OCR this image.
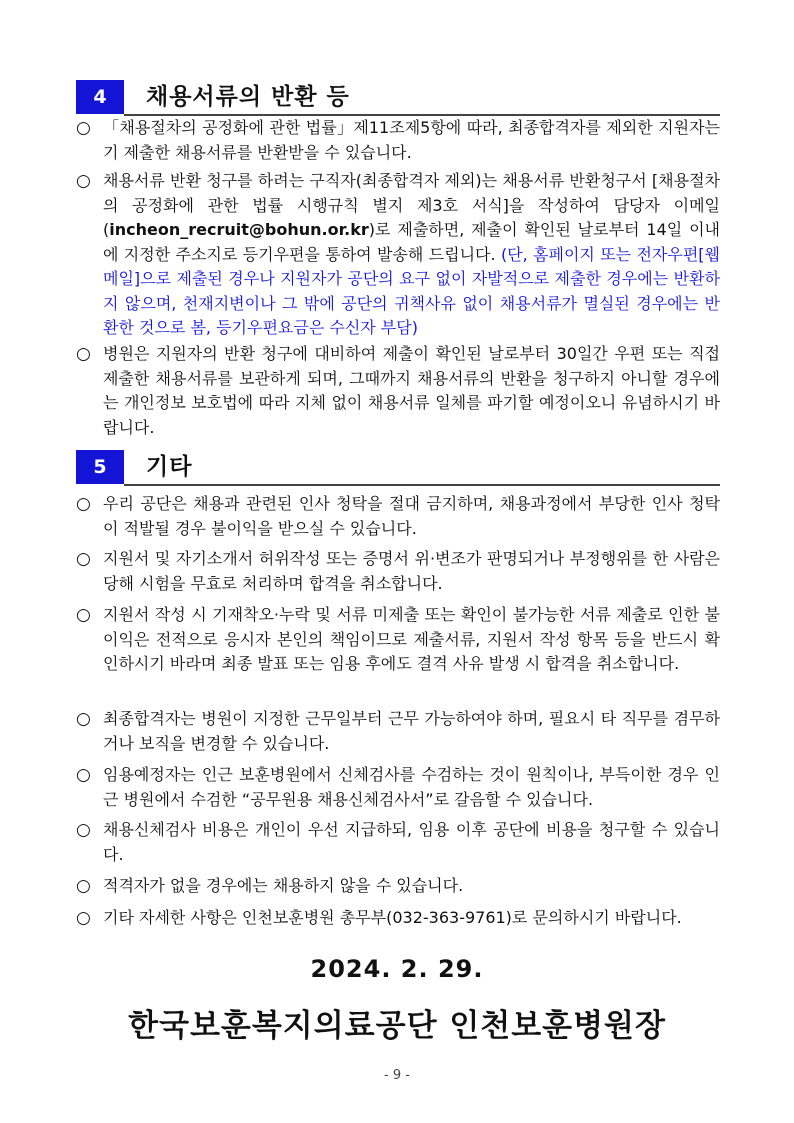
4	채용서류의 반환 등
○ 「채용절차의 공정화에 관한 법률」제11조제5항에 따라, 최종합격자를 제외한 지원자는 기 제출한 채용서류를 반환받을 수 있습니다.
○ 채용서류 반환 청구를 하려는 구직자(최종합격자 제외)는 채용서류 반환청구서 [채용절차의 공정화에 관한 법률 시행규칙 별지 제3호 서식]을 작성하여 담당자 이메일(incheon_recruit@bohun.or.kr)로 제출하면, 제출이 확인된 날로부터 14일 이내에 지정한 주소지로 등기우편을 통하여 발송해 드립니다. (단, 홈페이지 또는 전자우편[웹메일]으로 제출된 경우나 지원자가 공단의 요구 없이 자발적으로 제출한 경우에는 반환하지 않으며, 천재지변이나 그 밖에 공단의 귀책사유 없이 채용서류가 멸실된 경우에는 반환한 것으로 봄, 등기우편요금은 수신자 부담)
○ 병원은 지원자의 반환 청구에 대비하여 제출이 확인된 날로부터 30일간 우편 또는 직접 제출한 채용서류를 보관하게 되며, 그때까지 채용서류의 반환을 청구하지 아니할 경우에는 개인정보 보호법에 따라 지체 없이 채용서류 일체를 파기할 예정이오니 유념하시기 바랍니다.
5	기타
○ 우리 공단은 채용과 관련된 인사 청탁을 절대 금지하며, 채용과정에서 부당한 인사 청탁이 적발될 경우 불이익을 받으실 수 있습니다.
○ 지원서 및 자기소개서 허위작성 또는 증명서 위·변조가 판명되거나 부정행위를 한 사람은 당해 시험을 무효로 처리하며 합격을 취소합니다.
○ 지원서 작성 시 기재착오·누락 및 서류 미제출 또는 확인이 불가능한 서류 제출로 인한 불이익은 전적으로 응시자 본인의 책임이므로 제출서류, 지원서 작성 항목 등을 반드시 확인하시기 바라며 최종 발표 또는 임용 후에도 결격 사유 발생 시 합격을 취소합니다.
○ 최종합격자는 병원이 지정한 근무일부터 근무 가능하여야 하며, 필요시 타 직무를 겸무하거나 보직을 변경할 수 있습니다.
○ 임용예정자는 인근 보훈병원에서 신체검사를 수검하는 것이 원칙이나, 부득이한 경우 인근 병원에서 수검한 “공무원용 채용신체검사서”로 갈음할 수 있습니다.
○ 채용신체검사 비용은 개인이 우선 지급하되, 임용 이후 공단에 비용을 청구할 수 있습니다.
○ 적격자가 없을 경우에는 채용하지 않을 수 있습니다.
○ 기타 자세한 사항은 인천보훈병원 총무부(032-363-9761)로 문의하시기 바랍니다.
2024. 2. 29.
한국보훈복지의료공단 인천보훈병원장
- 9 -
